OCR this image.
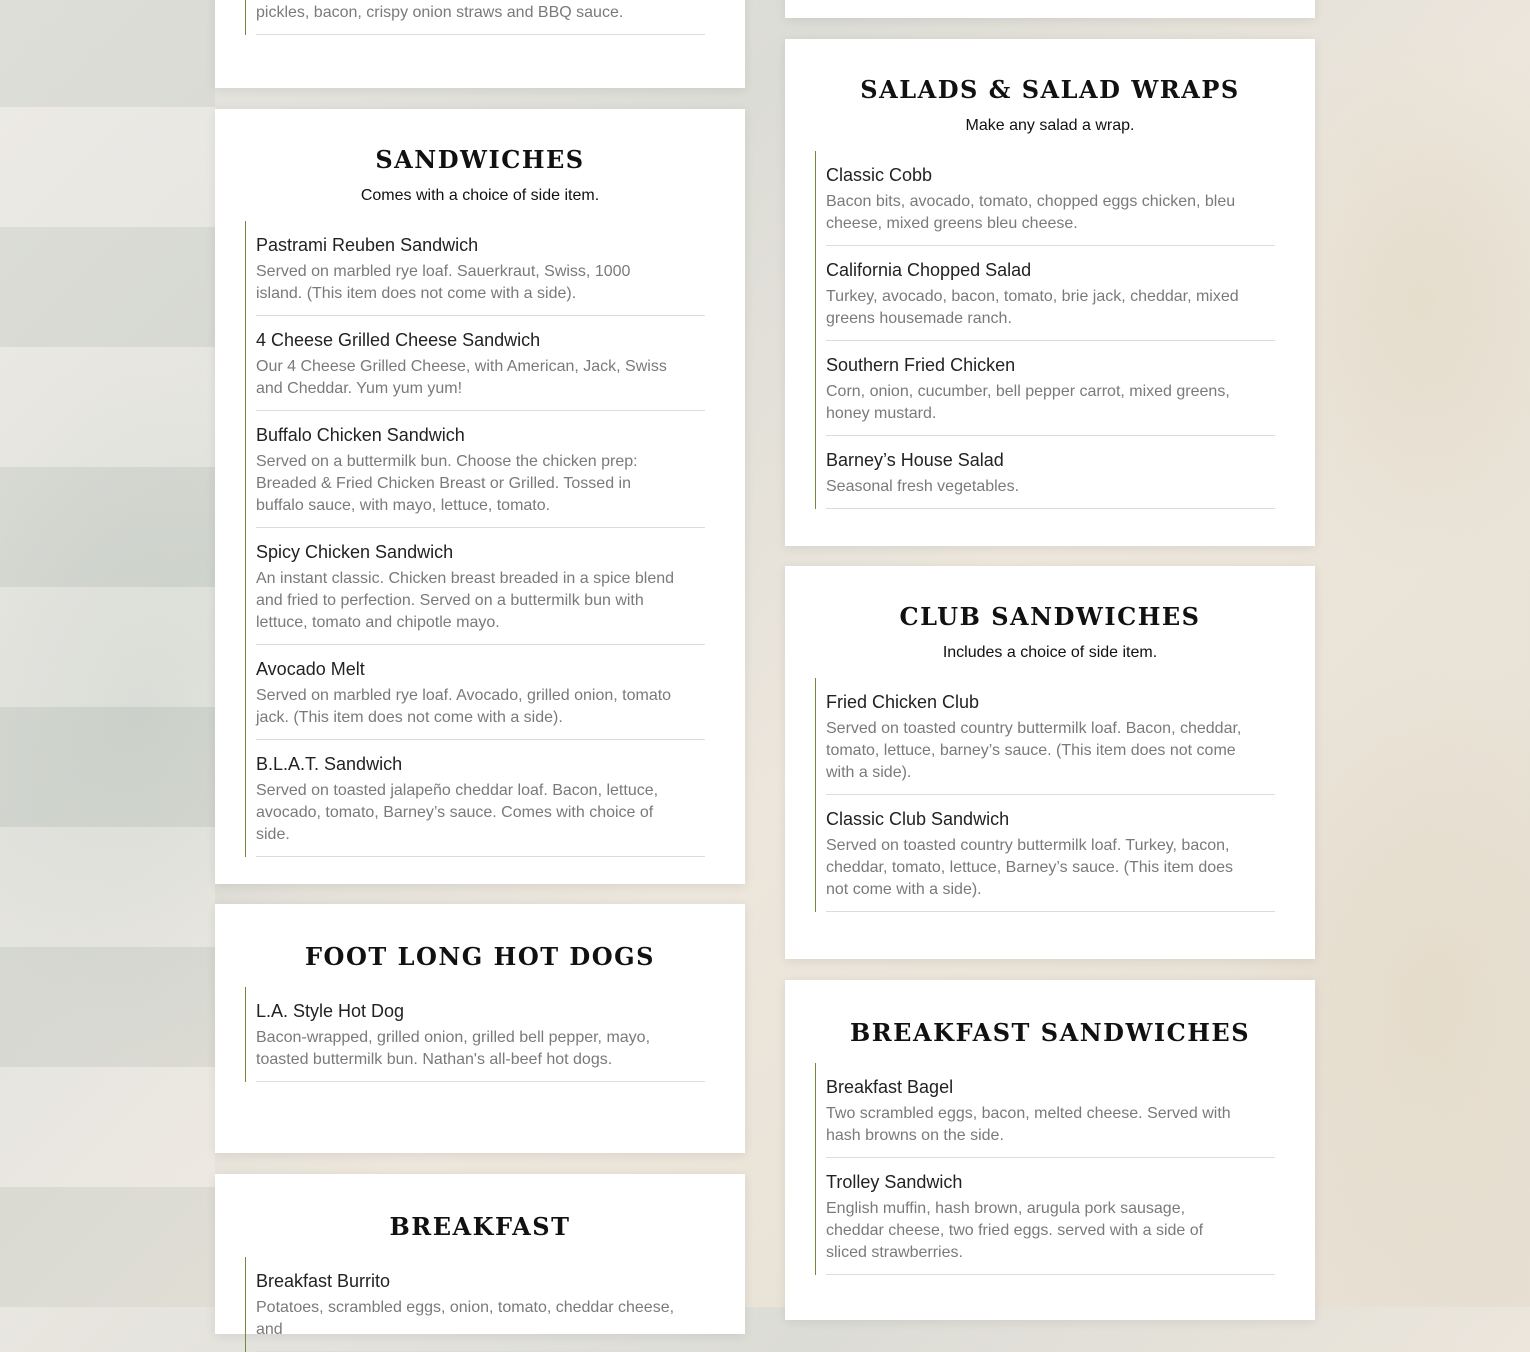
pickles, bacon, crispy onion straws and BBQ sauce.
SANDWICHES
Comes with a choice of side item.
Pastrami Reuben Sandwich
Served on marbled rye loaf. Sauerkraut, Swiss, 1000 island. (This item does not come with a side).
4 Cheese Grilled Cheese Sandwich
Our 4 Cheese Grilled Cheese, with American, Jack, Swiss and Cheddar. Yum yum yum!
Buffalo Chicken Sandwich
Served on a buttermilk bun. Choose the chicken prep: Breaded & Fried Chicken Breast or Grilled. Tossed in buffalo sauce, with mayo, lettuce, tomato.
Spicy Chicken Sandwich
An instant classic. Chicken breast breaded in a spice blend and fried to perfection. Served on a buttermilk bun with lettuce, tomato and chipotle mayo.
Avocado Melt
Served on marbled rye loaf. Avocado, grilled onion, tomato jack. (This item does not come with a side).
B.L.A.T. Sandwich
Served on toasted jalapeño cheddar loaf. Bacon, lettuce, avocado, tomato, Barney’s sauce. Comes with choice of side.
FOOT LONG HOT DOGS
L.A. Style Hot Dog
Bacon-wrapped, grilled onion, grilled bell pepper, mayo, toasted buttermilk bun. Nathan's all-beef hot dogs.
BREAKFAST
Breakfast Burrito
Potatoes, scrambled eggs, onion, tomato, cheddar cheese, and
SALADS & SALAD WRAPS
Make any salad a wrap.
Classic Cobb
Bacon bits, avocado, tomato, chopped eggs chicken, bleu cheese, mixed greens bleu cheese.
California Chopped Salad
Turkey, avocado, bacon, tomato, brie jack, cheddar, mixed greens housemade ranch.
Southern Fried Chicken
Corn, onion, cucumber, bell pepper carrot, mixed greens, honey mustard.
Barney’s House Salad
Seasonal fresh vegetables.
CLUB SANDWICHES
Includes a choice of side item.
Fried Chicken Club
Served on toasted country buttermilk loaf. Bacon, cheddar, tomato, lettuce, barney’s sauce. (This item does not come with a side).
Classic Club Sandwich
Served on toasted country buttermilk loaf. Turkey, bacon, cheddar, tomato, lettuce, Barney’s sauce. (This item does not come with a side).
BREAKFAST SANDWICHES
Breakfast Bagel
Two scrambled eggs, bacon, melted cheese. Served with hash browns on the side.
Trolley Sandwich
English muffin, hash brown, arugula pork sausage, cheddar cheese, two fried eggs. served with a side of sliced strawberries.
